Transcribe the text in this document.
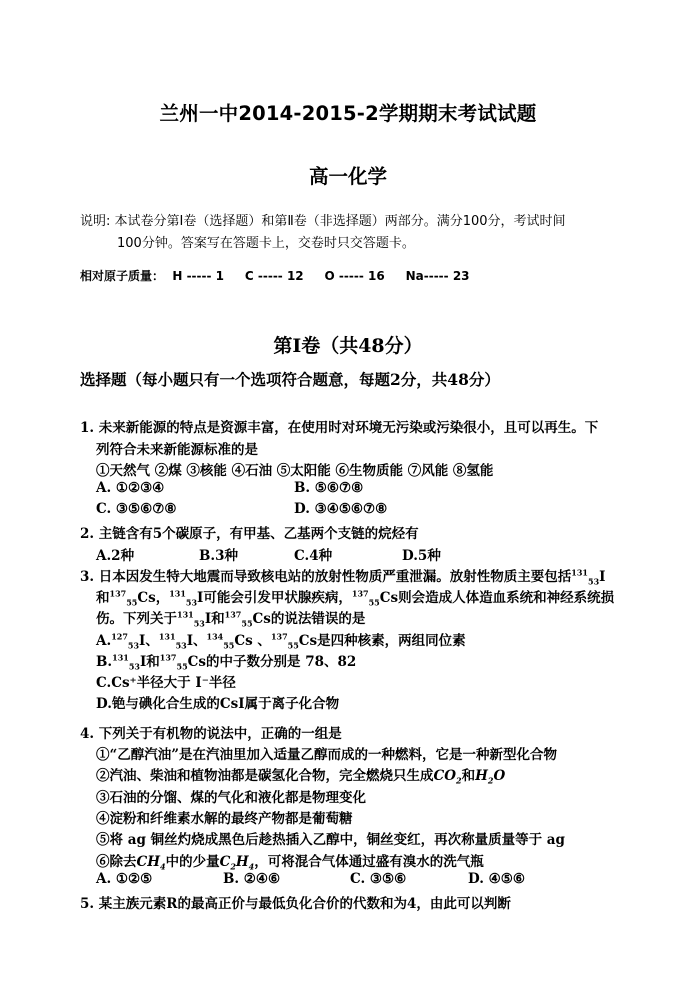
兰州一中2014-2015-2学期期末考试试题
高一化学
说明: 本试卷分第Ⅰ卷（选择题）和第Ⅱ卷（非选择题）两部分。满分100分，考试时间
100分钟。答案写在答题卡上，交卷时只交答题卡。
相对原子质量：  H ----- 1     C ----- 12     O ----- 16     Na----- 23
第Ⅰ卷（共48分）
选择题（每小题只有一个选项符合题意，每题2分，共48分）
1. 未来新能源的特点是资源丰富，在使用时对环境无污染或污染很小，且可以再生。下
列符合未来新能源标准的是
①天然气 ②煤 ③核能 ④石油 ⑤太阳能 ⑥生物质能 ⑦风能 ⑧氢能
A. ①②③④	B. ⑤⑥⑦⑧
C. ③⑤⑥⑦⑧	D. ③④⑤⑥⑦⑧
2. 主链含有5个碳原子，有甲基、乙基两个支链的烷烃有
A.2种	B.3种	C.4种	D.5种
3. 日本因发生特大地震而导致核电站的放射性物质严重泄漏。放射性物质主要包括$^{131}_{53}$I
和$^{137}_{55}$Cs，$^{131}_{53}$I可能会引发甲状腺疾病，$^{137}_{55}$Cs则会造成人体造血系统和神经系统损
伤。下列关于$^{131}_{53}$I和$^{137}_{55}$Cs的说法错误的是
A.$^{127}_{53}$I、$^{131}_{53}$I、$^{134}_{55}$Cs 、$^{137}_{55}$Cs是四种核素，两组同位素
B.$^{131}_{53}$I和$^{137}_{55}$Cs的中子数分别是 78、82
C.Cs⁺半径大于 I⁻半径
D.铯与碘化合生成的CsI属于离子化合物
4. 下列关于有机物的说法中，正确的一组是
①“乙醇汽油”是在汽油里加入适量乙醇而成的一种燃料，它是一种新型化合物
②汽油、柴油和植物油都是碳氢化合物，完全燃烧只生成$CO_2$和$H_2O$
③石油的分馏、煤的气化和液化都是物理变化
④淀粉和纤维素水解的最终产物都是葡萄糖
⑤将 ag 铜丝灼烧成黑色后趁热插入乙醇中，铜丝变红，再次称量质量等于 ag
⑥除去$CH_4$中的少量$C_2H_4$，可将混合气体通过盛有溴水的洗气瓶
A. ①②⑤	B. ②④⑥	C. ③⑤⑥	D. ④⑤⑥
5. 某主族元素R的最高正价与最低负化合价的代数和为4，由此可以判断
